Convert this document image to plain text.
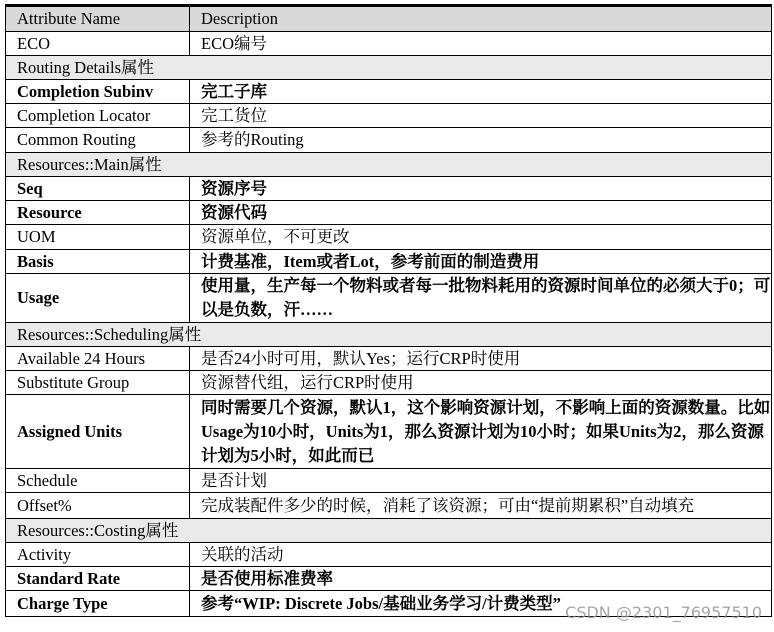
Attribute Name	Description
ECO	ECO编号
Routing Details属性	
Completion Subinv	完工子库
Completion Locator	完工货位
Common Routing	参考的Routing
Resources::Main属性	
Seq	资源序号
Resource	资源代码
UOM	资源单位，不可更改
Basis	计费基准，Item或者Lot，参考前面的制造费用
Usage	使用量，生产每一个物料或者每一批物料耗用的资源时间单位的必须大于0；可以是负数，汗……
Resources::Scheduling属性	
Available 24 Hours	是否24小时可用，默认Yes；运行CRP时使用
Substitute Group	资源替代组，运行CRP时使用
Assigned Units	同时需要几个资源，默认1，这个影响资源计划，不影响上面的资源数量。比如Usage为10小时，Units为1，那么资源计划为10小时；如果Units为2，那么资源计划为5小时，如此而已
Schedule	是否计划
Offset%	完成装配件多少的时候，消耗了该资源；可由“提前期累积”自动填充
Resources::Costing属性	
Activity	关联的活动
Standard Rate	是否使用标准费率
Charge Type	参考“WIP: Discrete Jobs/基础业务学习/计费类型” CSDN @2301_76957510
